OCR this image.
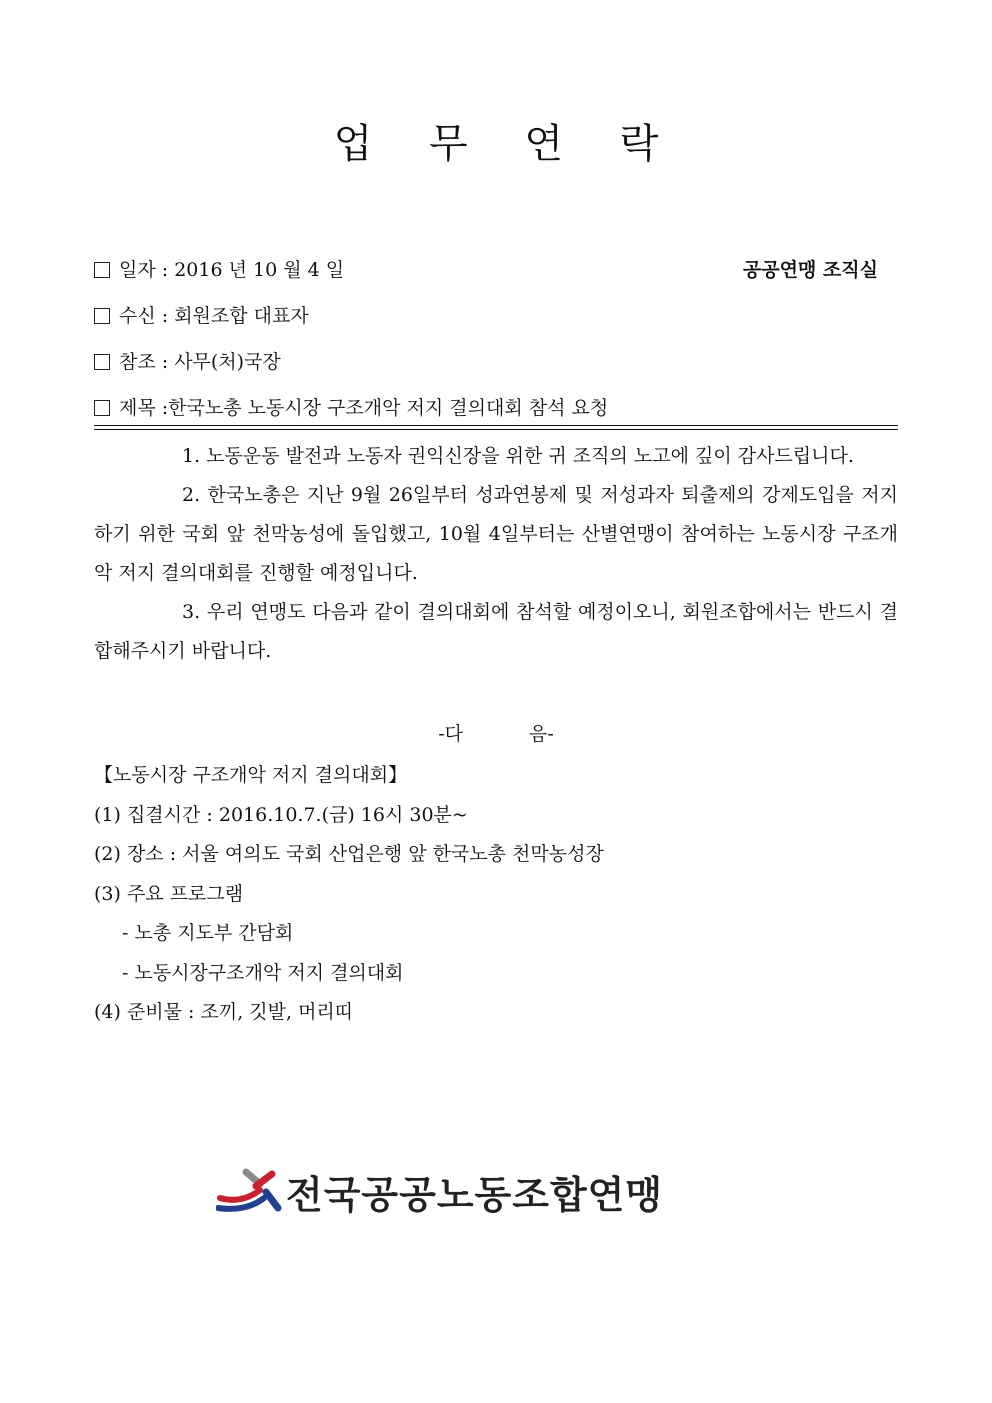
업 무 연 락
일자 : 2016 년 10 월 4 일	공공연맹 조직실
수신 : 회원조합 대표자
참조 : 사무(처)국장
제목 :한국노총 노동시장 구조개악 저지 결의대회 참석 요청

1. 노동운동 발전과 노동자 권익신장을 위한 귀 조직의 노고에 깊이 감사드립니다.

2. 한국노총은 지난 9월 26일부터 성과연봉제 및 저성과자 퇴출제의 강제도입을 저지하기 위한 국회 앞 천막농성에 돌입했고, 10월 4일부터는 산별연맹이 참여하는 노동시장 구조개악 저지 결의대회를 진행할 예정입니다.

3. 우리 연맹도 다음과 같이 결의대회에 참석할 예정이오니, 회원조합에서는 반드시 결합해주시기 바랍니다.

-다 음-
【노동시장 구조개악 저지 결의대회】
(1) 집결시간 : 2016.10.7.(금) 16시 30분~
(2) 장소 : 서울 여의도 국회 산업은행 앞 한국노총 천막농성장
(3) 주요 프로그램
- 노총 지도부 간담회
- 노동시장구조개악 저지 결의대회
(4) 준비물 : 조끼, 깃발, 머리띠
전국공공노동조합연맹
